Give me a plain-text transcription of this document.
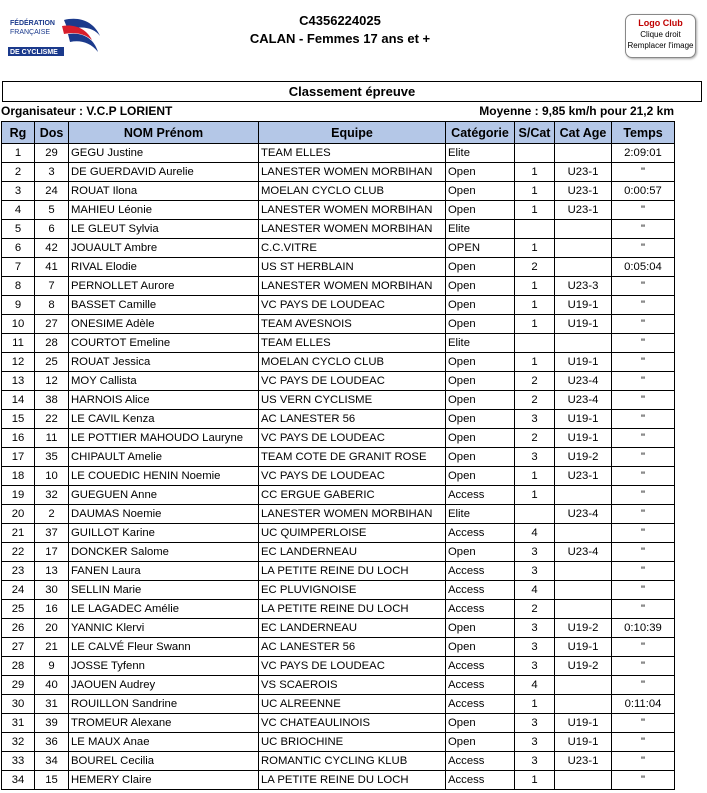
FÉDÉRATION
FRANÇAISE
DE CYCLISME
C4356224025
CALAN - Femmes 17 ans et +
Logo Club
Clique droit
Remplacer l'image
Classement épreuve
Organisateur : V.C.P LORIENT	Moyenne : 9,85 km/h pour 21,2 km
Rg	Dos	NOM Prénom	Equipe	Catégorie	S/Cat	Cat Age	Temps
1	29	GEGU Justine	TEAM ELLES	Elite			2:09:01
2	3	DE GUERDAVID Aurelie	LANESTER WOMEN MORBIHAN	Open	1	U23-1	"
3	24	ROUAT Ilona	MOELAN CYCLO CLUB	Open	1	U23-1	0:00:57
4	5	MAHIEU Léonie	LANESTER WOMEN MORBIHAN	Open	1	U23-1	"
5	6	LE GLEUT Sylvia	LANESTER WOMEN MORBIHAN	Elite			"
6	42	JOUAULT Ambre	C.C.VITRE	OPEN	1		"
7	41	RIVAL Elodie	US ST HERBLAIN	Open	2		0:05:04
8	7	PERNOLLET Aurore	LANESTER WOMEN MORBIHAN	Open	1	U23-3	"
9	8	BASSET Camille	VC PAYS DE LOUDEAC	Open	1	U19-1	"
10	27	ONESIME Adèle	TEAM AVESNOIS	Open	1	U19-1	"
11	28	COURTOT Emeline	TEAM ELLES	Elite			"
12	25	ROUAT Jessica	MOELAN CYCLO CLUB	Open	1	U19-1	"
13	12	MOY Callista	VC PAYS DE LOUDEAC	Open	2	U23-4	"
14	38	HARNOIS Alice	US VERN CYCLISME	Open	2	U23-4	"
15	22	LE CAVIL Kenza	AC LANESTER 56	Open	3	U19-1	"
16	11	LE POTTIER MAHOUDO Lauryne	VC PAYS DE LOUDEAC	Open	2	U19-1	"
17	35	CHIPAULT Amelie	TEAM COTE DE GRANIT ROSE	Open	3	U19-2	"
18	10	LE COUEDIC HENIN Noemie	VC PAYS DE LOUDEAC	Open	1	U23-1	"
19	32	GUEGUEN Anne	CC ERGUE GABERIC	Access	1		"
20	2	DAUMAS Noemie	LANESTER WOMEN MORBIHAN	Elite		U23-4	"
21	37	GUILLOT Karine	UC QUIMPERLOISE	Access	4		"
22	17	DONCKER Salome	EC LANDERNEAU	Open	3	U23-4	"
23	13	FANEN Laura	LA PETITE REINE DU LOCH	Access	3		"
24	30	SELLIN Marie	EC PLUVIGNOISE	Access	4		"
25	16	LE LAGADEC Amélie	LA PETITE REINE DU LOCH	Access	2		"
26	20	YANNIC Klervi	EC LANDERNEAU	Open	3	U19-2	0:10:39
27	21	LE CALVÉ Fleur Swann	AC LANESTER 56	Open	3	U19-1	"
28	9	JOSSE Tyfenn	VC PAYS DE LOUDEAC	Access	3	U19-2	"
29	40	JAOUEN Audrey	VS SCAEROIS	Access	4		"
30	31	ROUILLON Sandrine	UC ALREENNE	Access	1		0:11:04
31	39	TROMEUR Alexane	VC CHATEAULINOIS	Open	3	U19-1	"
32	36	LE MAUX Anae	UC BRIOCHINE	Open	3	U19-1	"
33	34	BOUREL Cecilia	ROMANTIC CYCLING KLUB	Access	3	U23-1	"
34	15	HEMERY Claire	LA PETITE REINE DU LOCH	Access	1		"
